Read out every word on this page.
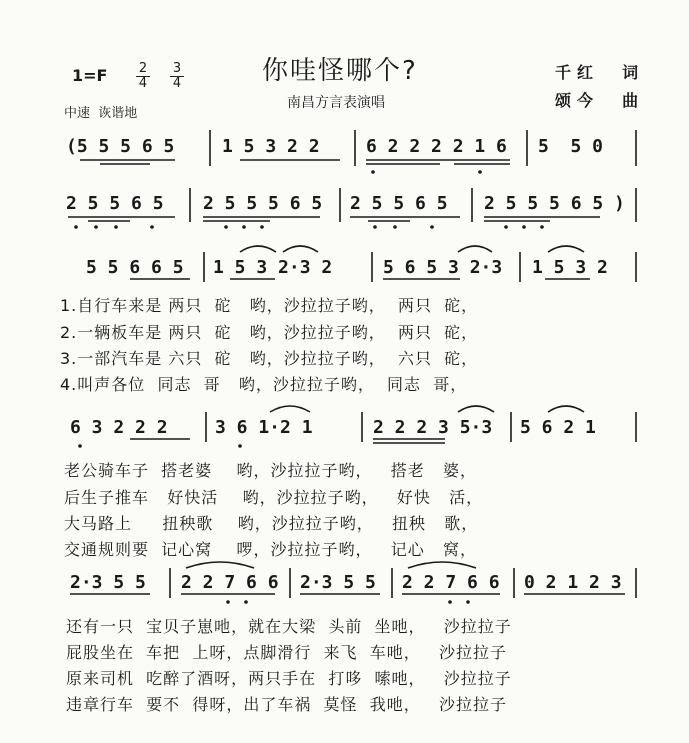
你哇怪哪个?
南昌方言表演唱
千红  词
颂今  曲
$1=F \frac{2}{4} \frac{3}{4}$
中速  诙谐地
(5 5 5 6 5	1 5 3 2 2	6 2 2 2 2 1 6 5  5 0
2 5 5 6 5 2 5 5 5 6 5 2 5 5 6 5 2 5 5 5 6 5 )
5 5 6 6 5 1 5 3 2·3 2	5 6 5 3 2·3 1 5 3 2
1.自行车来是 两只  砣   哟，沙拉拉子哟，  两只  砣，
2.一辆板车是 两只  砣   哟，沙拉拉子哟，  两只  砣，
3.一部汽车是 六只  砣   哟，沙拉拉子哟，  六只  砣，
4.叫声各位  同志  哥   哟，沙拉拉子哟，  同志  哥，
6 3 2 2 2	3 6 1·2 1	2 2 2 3 5·3 5 6 2 1
老公骑车子  搭老婆    哟，沙拉拉子哟，   搭老   婆，
后生子推车   好快活    哟，沙拉拉子哟，   好快   活，
大马路上     扭秧歌    哟，沙拉拉子哟，   扭秧   歌，
交通规则要  记心窝    啰，沙拉拉子哟，   记心   窝，
2·3 5 5 2 2 7 6 6 2·3 5 5 2 2 7 6 6 0 2 1 2 3
还有一只  宝贝子崽吔，就在大梁  头前  坐吔，   沙拉拉子
屁股坐在  车把  上呀，点脚滑行  来飞  车吔，   沙拉拉子
原来司机  吃醉了酒呀，两只手在  打哆  嗦吔，   沙拉拉子
违章行车  要不  得呀，出了车祸  莫怪  我吔，   沙拉拉子
